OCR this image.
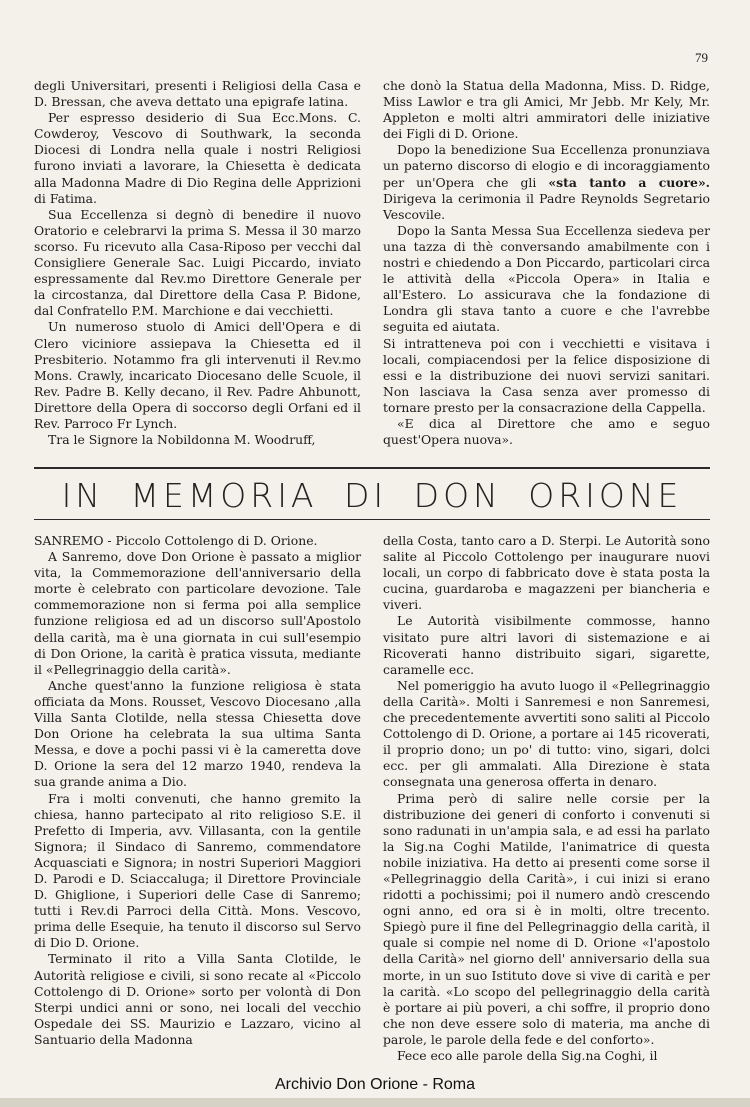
79

degli Universitari, presenti i Religiosi della Casa e D. Bressan, che aveva dettato una epigrafe latina.

Per espresso desiderio di Sua Ecc.Mons. C. Cowderoy, Vescovo di Southwark, la seconda Diocesi di Londra nella quale i nostri Religiosi furono inviati a lavorare, la Chiesetta è dedicata alla Madonna Madre di Dio Regina delle Apprizioni di Fatima.

Sua Eccellenza si degnò di benedire il nuovo Oratorio e celebrarvi la prima S. Messa il 30 marzo scorso. Fu ricevuto alla Casa-Riposo per vecchi dal Consigliere Generale Sac. Luigi Piccardo, inviato espressamente dal Rev.mo Direttore Generale per la circostanza, dal Direttore della Casa P. Bidone, dal Confratello P.M. Marchione e dai vecchietti.

Un numeroso stuolo di Amici dell'Opera e di Clero viciniore assiepava la Chiesetta ed il Presbiterio. Notammo fra gli intervenuti il Rev.mo Mons. Crawly, incaricato Diocesano delle Scuole, il Rev. Padre B. Kelly decano, il Rev. Padre Ahbunott, Direttore della Opera di soccorso degli Orfani ed il Rev. Parroco Fr Lynch.

Tra le Signore la Nobildonna M. Woodruff,

che donò la Statua della Madonna, Miss. D. Ridge, Miss Lawlor e tra gli Amici, Mr Jebb. Mr Kely, Mr. Appleton e molti altri ammiratori delle iniziative dei Figli di D. Orione.

Dopo la benedizione Sua Eccellenza pronunziava un paterno discorso di elogio e di incoraggiamento per un'Opera che gli «sta tanto a cuore». Dirigeva la cerimonia il Padre Reynolds Segretario Vescovile.

Dopo la Santa Messa Sua Eccellenza siedeva per una tazza di thè conversando amabilmente con i nostri e chiedendo a Don Piccardo, particolari circa le attività della «Piccola Opera» in Italia e all'Estero. Lo assicurava che la fondazione di Londra gli stava tanto a cuore e che l'avrebbe seguita ed aiutata.

Si intratteneva poi con i vecchietti e visitava i locali, compiacendosi per la felice disposizione di essi e la distribuzione dei nuovi servizi sanitari. Non lasciava la Casa senza aver promesso di tornare presto per la consacrazione della Cappella.

«E dica al Direttore che amo e seguo quest'Opera nuova».

IN MEMORIA DI DON ORIONE

SANREMO - Piccolo Cottolengo di D. Orione.

A Sanremo, dove Don Orione è passato a miglior vita, la Commemorazione dell'anniversario della morte è celebrato con particolare devozione. Tale commemorazione non si ferma poi alla semplice funzione religiosa ed ad un discorso sull'Apostolo della carità, ma è una giornata in cui sull'esempio di Don Orione, la carità è pratica vissuta, mediante il «Pellegrinaggio della carità».

Anche quest'anno la funzione religiosa è stata officiata da Mons. Rousset, Vescovo Diocesano ,alla Villa Santa Clotilde, nella stessa Chiesetta dove Don Orione ha celebrata la sua ultima Santa Messa, e dove a pochi passi vi è la cameretta dove D. Orione la sera del 12 marzo 1940, rendeva la sua grande anima a Dio.

Fra i molti convenuti, che hanno gremito la chiesa, hanno partecipato al rito religioso S.E. il Prefetto di Imperia, avv. Villasanta, con la gentile Signora; il Sindaco di Sanremo, commendatore Acquasciati e Signora; in nostri Superiori Maggiori D. Parodi e D. Sciaccaluga; il Direttore Provinciale D. Ghiglione, i Superiori delle Case di Sanremo; tutti i Rev.di Parroci della Città. Mons. Vescovo, prima delle Esequie, ha tenuto il discorso sul Servo di Dio D. Orione.

Terminato il rito a Villa Santa Clotilde, le Autorità religiose e civili, si sono recate al «Piccolo Cottolengo di D. Orione» sorto per volontà di Don Sterpi undici anni or sono, nei locali del vecchio Ospedale dei SS. Maurizio e Lazzaro, vicino al Santuario della Madonna

della Costa, tanto caro a D. Sterpi. Le Autorità sono salite al Piccolo Cottolengo per inaugurare nuovi locali, un corpo di fabbricato dove è stata posta la cucina, guardaroba e magazzeni per biancheria e viveri.

Le Autorità visibilmente commosse, hanno visitato pure altri lavori di sistemazione e ai Ricoverati hanno distribuito sigari, sigarette, caramelle ecc.

Nel pomeriggio ha avuto luogo il «Pellegrinaggio della Carità». Molti i Sanremesi e non Sanremesi, che precedentemente avvertiti sono saliti al Piccolo Cottolengo di D. Orione, a portare ai 145 ricoverati, il proprio dono; un po' di tutto: vino, sigari, dolci ecc. per gli ammalati. Alla Direzione è stata consegnata una generosa offerta in denaro.

Prima però di salire nelle corsie per la distribuzione dei generi di conforto i convenuti si sono radunati in un'ampia sala, e ad essi ha parlato la Sig.na Coghi Matilde, l'animatrice di questa nobile iniziativa. Ha detto ai presenti come sorse il «Pellegrinaggio della Carità», i cui inizi si erano ridotti a pochissimi; poi il numero andò crescendo ogni anno, ed ora si è in molti, oltre trecento. Spiegò pure il fine del Pellegrinaggio della carità, il quale si compie nel nome di D. Orione «l'apostolo della Carità» nel giorno dell' anniversario della sua morte, in un suo Istituto dove si vive di carità e per la carità. «Lo scopo del pellegrinaggio della carità è portare ai più poveri, a chi soffre, il proprio dono che non deve essere solo di materia, ma anche di parole, le parole della fede e del conforto».

Fece eco alle parole della Sig.na Coghi, il

Archivio Don Orione - Roma
